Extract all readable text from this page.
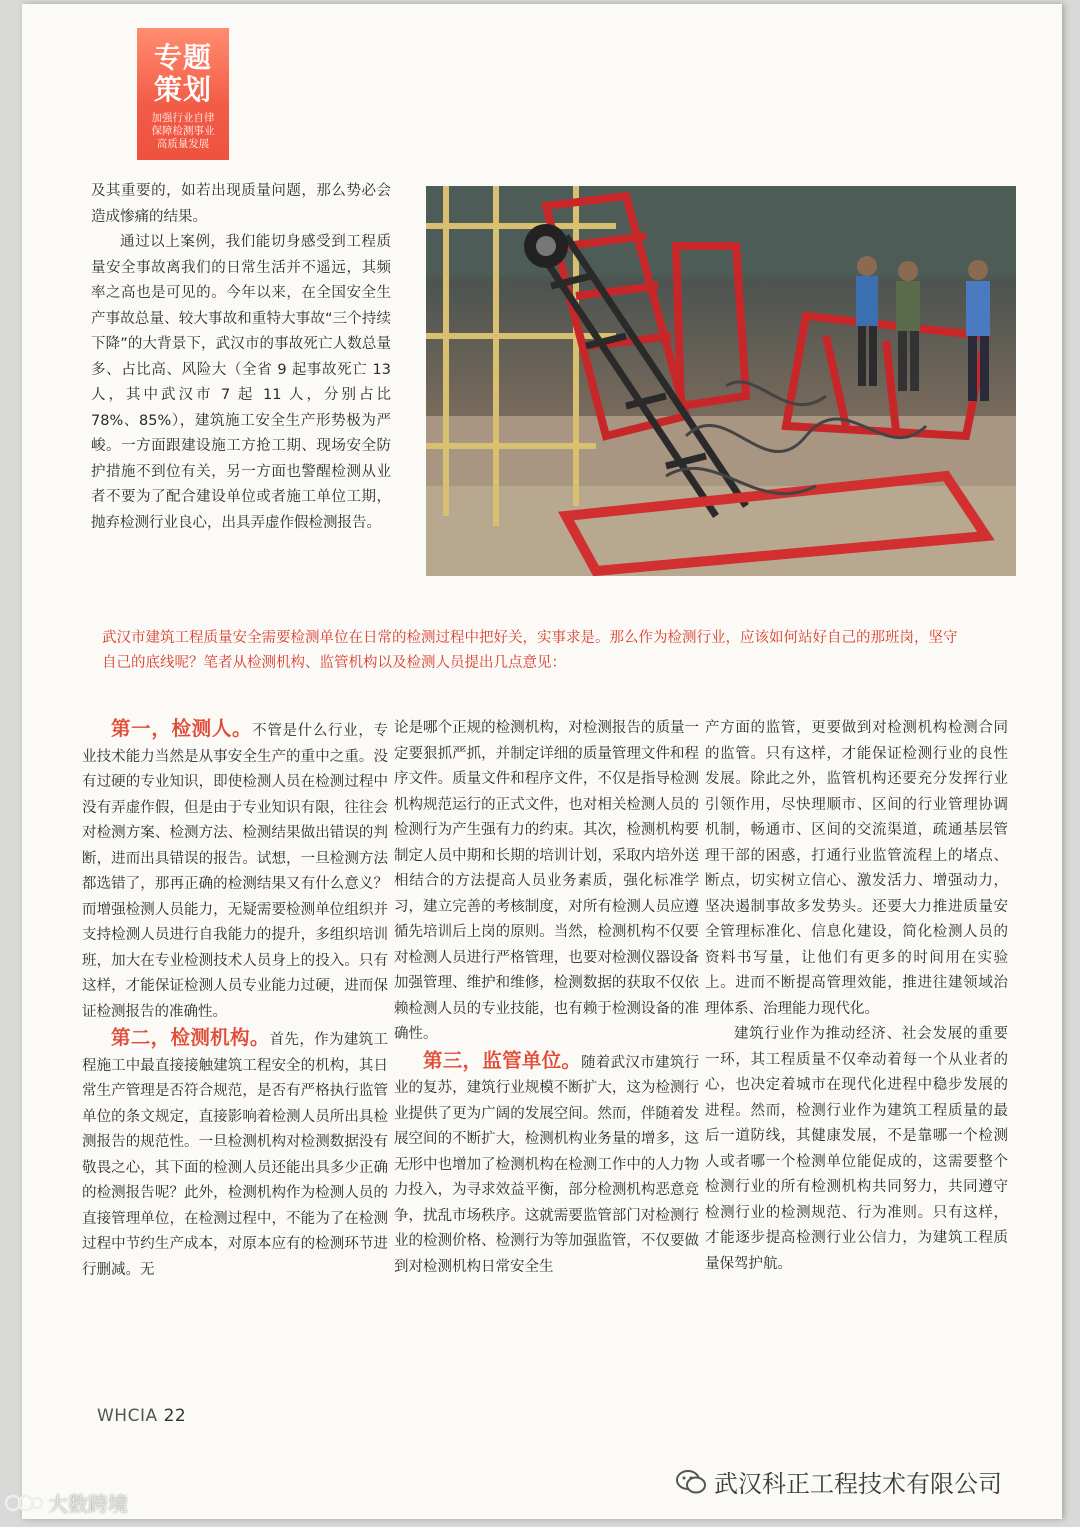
专题
策划
加强行业自律
保障检测事业
高质量发展

及其重要的，如若出现质量问题，那么势必会造成惨痛的结果。

通过以上案例，我们能切身感受到工程质量安全事故离我们的日常生活并不遥远，其频率之高也是可见的。今年以来，在全国安全生产事故总量、较大事故和重特大事故“三个持续下降”的大背景下，武汉市的事故死亡人数总量多、占比高、风险大（全省 9 起事故死亡 13 人，其中武汉市 7 起 11 人，分别占比 78%、85%），建筑施工安全生产形势极为严峻。一方面跟建设施工方抢工期、现场安全防护措施不到位有关，另一方面也警醒检测从业者不要为了配合建设单位或者施工单位工期，抛弃检测行业良心，出具弄虚作假检测报告。

武汉市建筑工程质量安全需要检测单位在日常的检测过程中把好关，实事求是。那么作为检测行业，应该如何站好自己的那班岗，坚守自己的底线呢？笔者从检测机构、监管机构以及检测人员提出几点意见：

第一，检测人。不管是什么行业，专业技术能力当然是从事安全生产的重中之重。没有过硬的专业知识，即使检测人员在检测过程中没有弄虚作假，但是由于专业知识有限，往往会对检测方案、检测方法、检测结果做出错误的判断，进而出具错误的报告。试想，一旦检测方法都选错了，那再正确的检测结果又有什么意义？而增强检测人员能力，无疑需要检测单位组织并支持检测人员进行自我能力的提升，多组织培训班，加大在专业检测技术人员身上的投入。只有这样，才能保证检测人员专业能力过硬，进而保证检测报告的准确性。

第二，检测机构。首先，作为建筑工程施工中最直接接触建筑工程安全的机构，其日常生产管理是否符合规范，是否有严格执行监管单位的条文规定，直接影响着检测人员所出具检测报告的规范性。一旦检测机构对检测数据没有敬畏之心，其下面的检测人员还能出具多少正确的检测报告呢？此外，检测机构作为检测人员的直接管理单位，在检测过程中，不能为了在检测过程中节约生产成本，对原本应有的检测环节进行删减。无

论是哪个正规的检测机构，对检测报告的质量一定要狠抓严抓，并制定详细的质量管理文件和程序文件。质量文件和程序文件，不仅是指导检测机构规范运行的正式文件，也对相关检测人员的检测行为产生强有力的约束。其次，检测机构要制定人员中期和长期的培训计划，采取内培外送相结合的方法提高人员业务素质，强化标准学习，建立完善的考核制度，对所有检测人员应遵循先培训后上岗的原则。当然，检测机构不仅要对检测人员进行严格管理，也要对检测仪器设备加强管理、维护和维修，检测数据的获取不仅依赖检测人员的专业技能，也有赖于检测设备的准确性。

第三，监管单位。随着武汉市建筑行业的复苏，建筑行业规模不断扩大，这为检测行业提供了更为广阔的发展空间。然而，伴随着发展空间的不断扩大，检测机构业务量的增多，这无形中也增加了检测机构在检测工作中的人力物力投入，为寻求效益平衡，部分检测机构恶意竞争，扰乱市场秩序。这就需要监管部门对检测行业的检测价格、检测行为等加强监管，不仅要做到对检测机构日常安全生

产方面的监管，更要做到对检测机构检测合同的监管。只有这样，才能保证检测行业的良性发展。除此之外，监管机构还要充分发挥行业引领作用，尽快理顺市、区间的行业管理协调机制，畅通市、区间的交流渠道，疏通基层管理干部的困惑，打通行业监管流程上的堵点、断点，切实树立信心、激发活力、增强动力，坚决遏制事故多发势头。还要大力推进质量安全管理标准化、信息化建设，简化检测人员的资料书写量，让他们有更多的时间用在实验上。进而不断提高管理效能，推进往建领域治理体系、治理能力现代化。

建筑行业作为推动经济、社会发展的重要一环，其工程质量不仅牵动着每一个从业者的心，也决定着城市在现代化进程中稳步发展的进程。然而，检测行业作为建筑工程质量的最后一道防线，其健康发展，不是靠哪一个检测人或者哪一个检测单位能促成的，这需要整个检测行业的所有检测机构共同努力，共同遵守检测行业的检测规范、行为准则。只有这样，才能逐步提高检测行业公信力，为建筑工程质量保驾护航。

WHCIA 22
武汉科正工程技术有限公司
大数跨境
